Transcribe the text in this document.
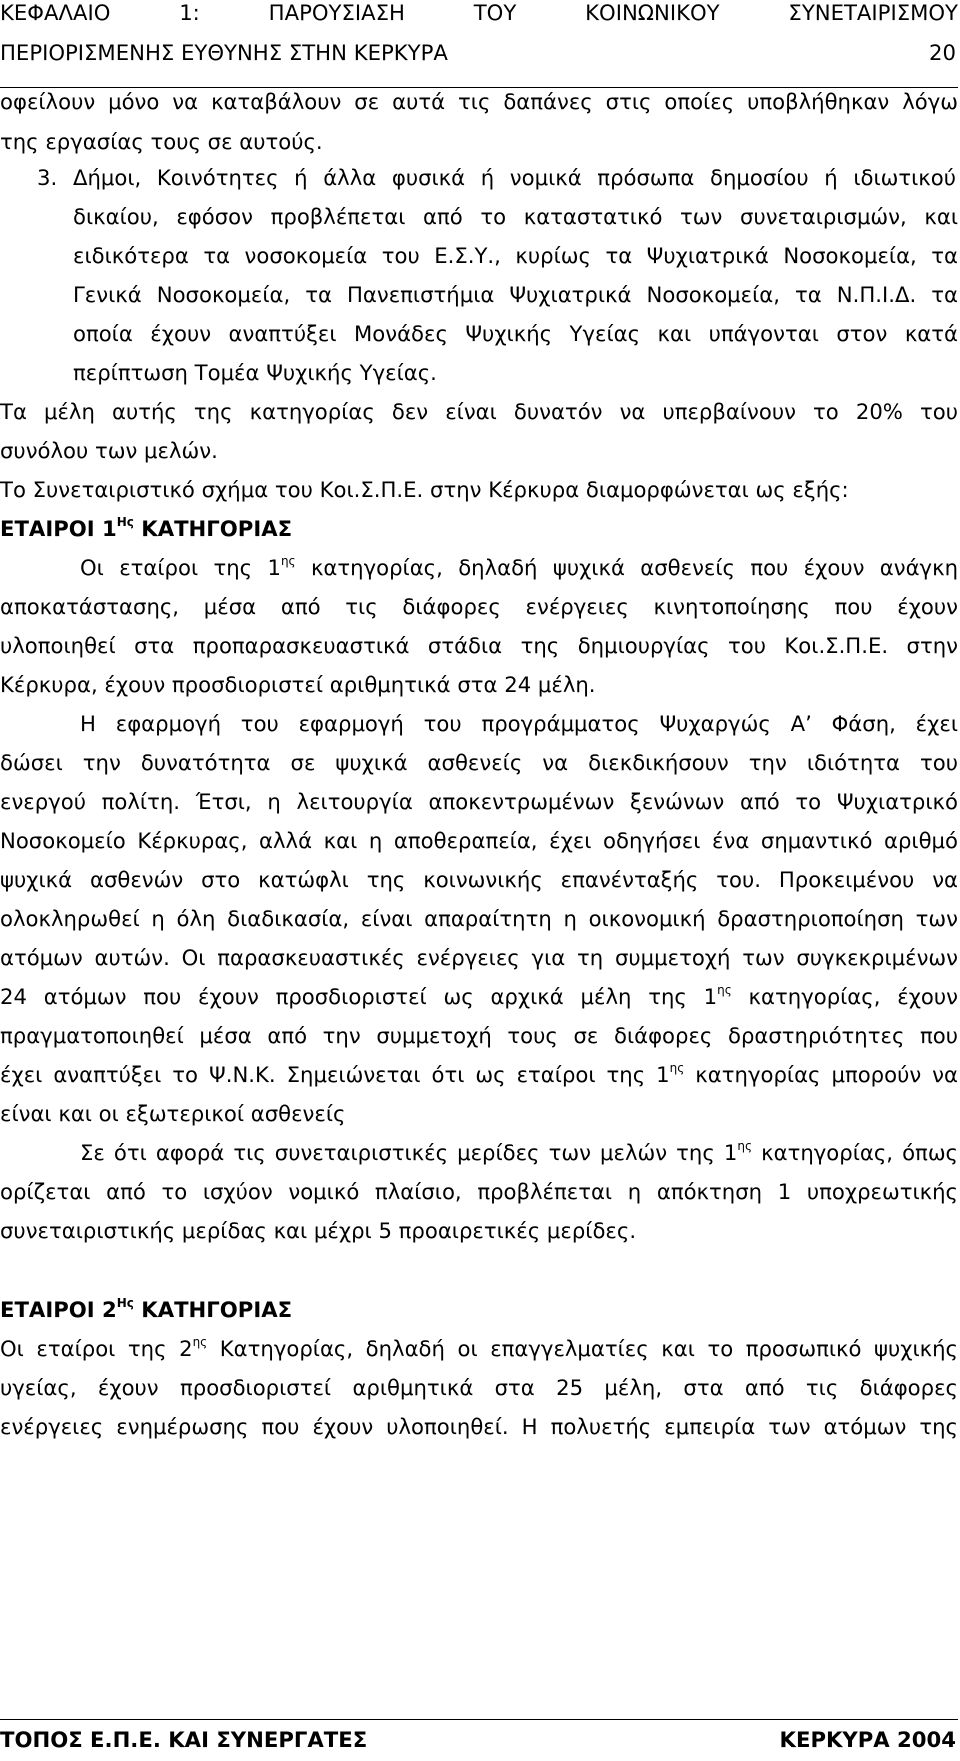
ΚΕΦΑΛΑΙΟ 1: ΠΑΡΟΥΣΙΑΣΗ ΤΟΥ ΚΟΙΝΩΝΙΚΟΥ ΣΥΝΕΤΑΙΡΙΣΜΟΥ
ΠΕΡΙΟΡΙΣΜΕΝΗΣ ΕΥΘΥΝΗΣ ΣΤΗΝ ΚΕΡΚΥΡΑ	20
οφείλουν μόνο να καταβάλουν σε αυτά τις δαπάνες στις οποίες υποβλήθηκαν λόγω
της εργασίας τους σε αυτούς.
3. Δήμοι, Κοινότητες ή άλλα φυσικά ή νομικά πρόσωπα δημοσίου ή ιδιωτικού
δικαίου, εφόσον προβλέπεται από το καταστατικό των συνεταιρισμών, και
ειδικότερα τα νοσοκομεία του Ε.Σ.Υ., κυρίως τα Ψυχιατρικά Νοσοκομεία, τα
Γενικά Νοσοκομεία, τα Πανεπιστήμια Ψυχιατρικά Νοσοκομεία, τα Ν.Π.Ι.Δ. τα
οποία έχουν αναπτύξει Μονάδες Ψυχικής Υγείας και υπάγονται στον κατά
περίπτωση Τομέα Ψυχικής Υγείας.
Τα μέλη αυτής της κατηγορίας δεν είναι δυνατόν να υπερβαίνουν το 20% του
συνόλου των μελών.
Το Συνεταιριστικό σχήμα του Κοι.Σ.Π.Ε. στην Κέρκυρα διαμορφώνεται ως εξής:
ΕΤΑΙΡΟΙ $1^{H\varsigma}$ ΚΑΤΗΓΟΡΙΑΣ
Οι εταίροι της $1^{\eta\varsigma}$ κατηγορίας, δηλαδή ψυχικά ασθενείς που έχουν ανάγκη
αποκατάστασης, μέσα από τις διάφορες ενέργειες κινητοποίησης που έχουν
υλοποιηθεί στα προπαρασκευαστικά στάδια της δημιουργίας του Κοι.Σ.Π.Ε. στην
Κέρκυρα, έχουν προσδιοριστεί αριθμητικά στα 24 μέλη.
Η εφαρμογή του εφαρμογή του προγράμματος Ψυχαργώς Α’ Φάση, έχει
δώσει την δυνατότητα σε ψυχικά ασθενείς να διεκδικήσουν την ιδιότητα του
ενεργού πολίτη. Έτσι, η λειτουργία αποκεντρωμένων ξενώνων από το Ψυχιατρικό
Νοσοκομείο Κέρκυρας, αλλά και η αποθεραπεία, έχει οδηγήσει ένα σημαντικό αριθμό
ψυχικά ασθενών στο κατώφλι της κοινωνικής επανένταξής του. Προκειμένου να
ολοκληρωθεί η όλη διαδικασία, είναι απαραίτητη η οικονομική δραστηριοποίηση των
ατόμων αυτών. Οι παρασκευαστικές ενέργειες για τη συμμετοχή των συγκεκριμένων
24 ατόμων που έχουν προσδιοριστεί ως αρχικά μέλη της $1^{\eta\varsigma}$ κατηγορίας, έχουν
πραγματοποιηθεί μέσα από την συμμετοχή τους σε διάφορες δραστηριότητες που
έχει αναπτύξει το Ψ.Ν.Κ. Σημειώνεται ότι ως εταίροι της $1^{\eta\varsigma}$ κατηγορίας μπορούν να
είναι και οι εξωτερικοί ασθενείς
Σε ότι αφορά τις συνεταιριστικές μερίδες των μελών της $1^{\eta\varsigma}$ κατηγορίας, όπως
ορίζεται από το ισχύον νομικό πλαίσιο, προβλέπεται η απόκτηση 1 υποχρεωτικής
συνεταιριστικής μερίδας και μέχρι 5 προαιρετικές μερίδες.
ΕΤΑΙΡΟΙ $2^{H\varsigma}$ ΚΑΤΗΓΟΡΙΑΣ
Οι εταίροι της $2^{\eta\varsigma}$ Κατηγορίας, δηλαδή οι επαγγελματίες και το προσωπικό ψυχικής
υγείας, έχουν προσδιοριστεί αριθμητικά στα 25 μέλη, στα από τις διάφορες
ενέργειες ενημέρωσης που έχουν υλοποιηθεί. Η πολυετής εμπειρία των ατόμων της
ΤΟΠΟΣ Ε.Π.Ε. ΚΑΙ ΣΥΝΕΡΓΑΤΕΣ	ΚΕΡΚΥΡΑ 2004
